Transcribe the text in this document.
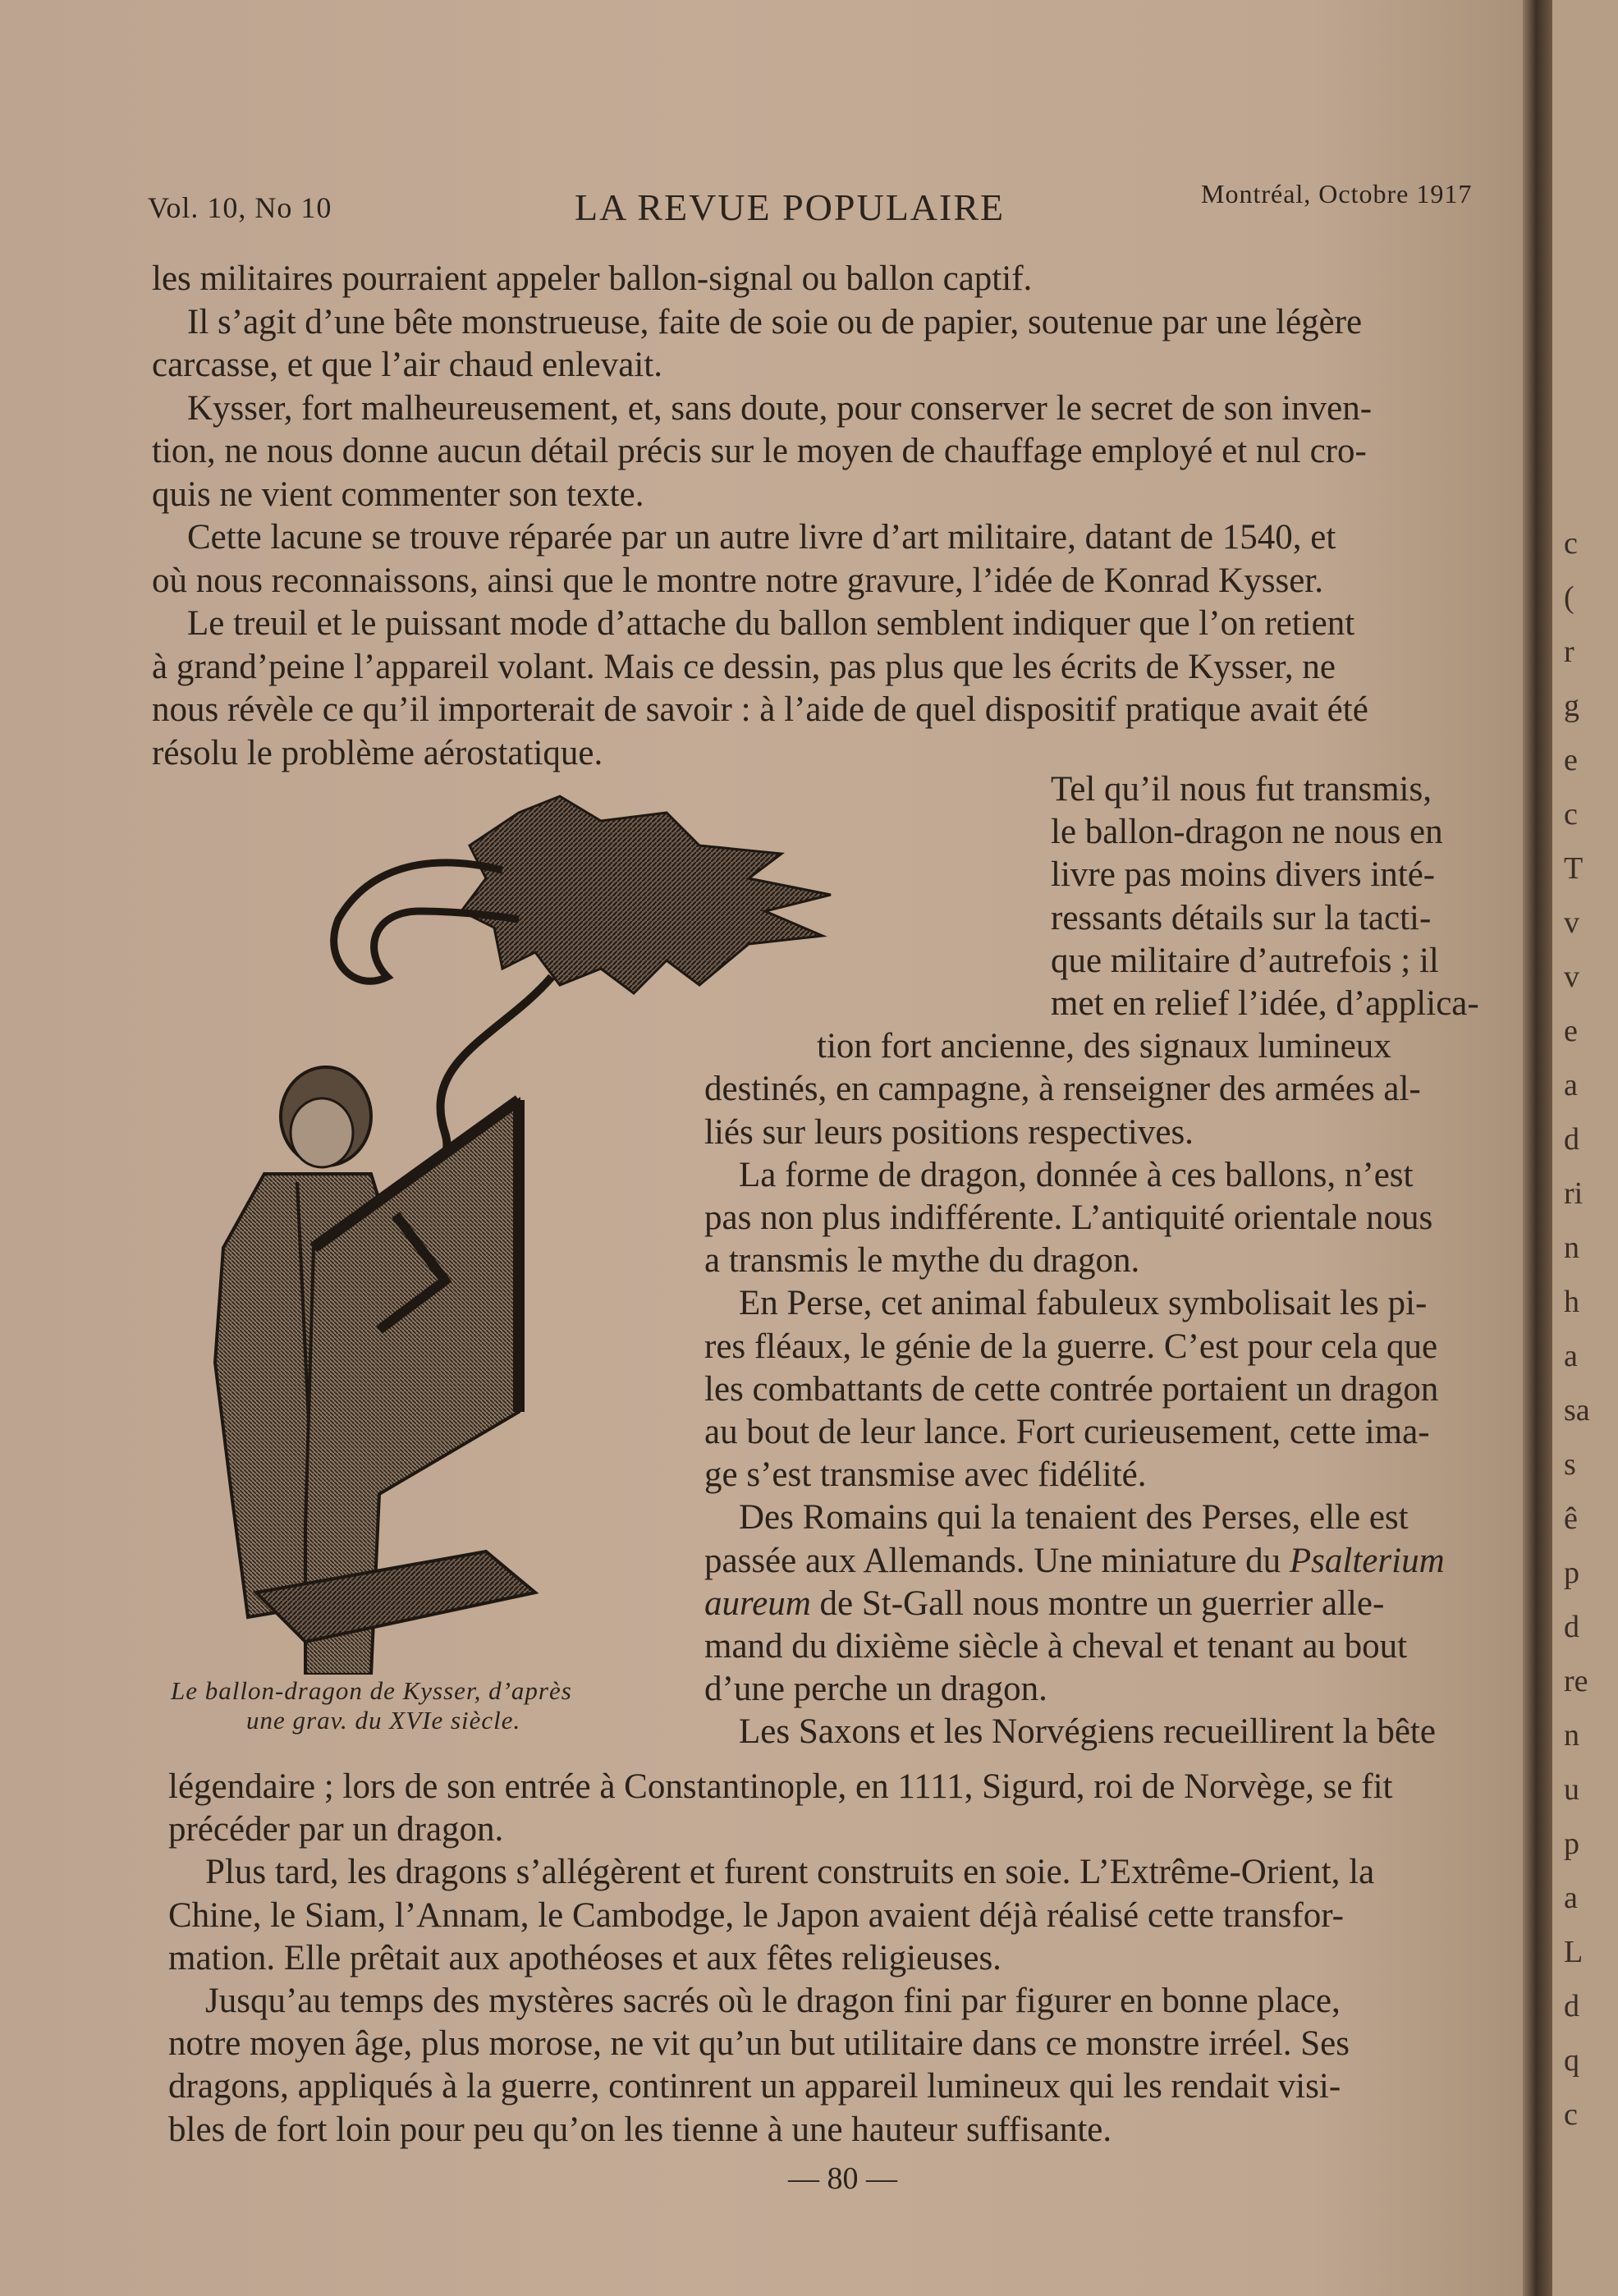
c
(
r
g
e
c
T
v
v
e
a
d
ri
n
h
a
sa
s
ê
p
d
re
n
u
p
a
L
d
q
c
Vol. 10, No 10	LA REVUE POPULAIRE	Montréal, Octobre 1917
les militaires pourraient appeler ballon-signal ou ballon captif.
Il s’agit d’une bête monstrueuse, faite de soie ou de papier, soutenue par une légère
carcasse, et que l’air chaud enlevait.
Kysser, fort malheureusement, et, sans doute, pour conserver le secret de son inven-
tion, ne nous donne aucun détail précis sur le moyen de chauffage employé et nul cro-
quis ne vient commenter son texte.
Cette lacune se trouve réparée par un autre livre d’art militaire, datant de 1540, et
où nous reconnaissons, ainsi que le montre notre gravure, l’idée de Konrad Kysser.
Le treuil et le puissant mode d’attache du ballon semblent indiquer que l’on retient
à grand’peine l’appareil volant. Mais ce dessin, pas plus que les écrits de Kysser, ne
nous révèle ce qu’il importerait de savoir : à l’aide de quel dispositif pratique avait été
résolu le problème aérostatique.
Tel qu’il nous fut transmis,
le ballon-dragon ne nous en
livre pas moins divers inté-
ressants détails sur la tacti-
que militaire d’autrefois ; il
met en relief l’idée, d’applica-
tion fort ancienne, des signaux lumineux
destinés, en campagne, à renseigner des armées al-
liés sur leurs positions respectives.
La forme de dragon, donnée à ces ballons, n’est
pas non plus indifférente. L’antiquité orientale nous
a transmis le mythe du dragon.
En Perse, cet animal fabuleux symbolisait les pi-
res fléaux, le génie de la guerre. C’est pour cela que
les combattants de cette contrée portaient un dragon
au bout de leur lance. Fort curieusement, cette ima-
ge s’est transmise avec fidélité.
Des Romains qui la tenaient des Perses, elle est
passée aux Allemands. Une miniature du Psalterium
aureum de St-Gall nous montre un guerrier alle-
mand du dixième siècle à cheval et tenant au bout
d’une perche un dragon.
Les Saxons et les Norvégiens recueillirent la bête
légendaire ; lors de son entrée à Constantinople, en 1111, Sigurd, roi de Norvège, se fit
précéder par un dragon.
Plus tard, les dragons s’allégèrent et furent construits en soie. L’Extrême-Orient, la
Chine, le Siam, l’Annam, le Cambodge, le Japon avaient déjà réalisé cette transfor-
mation. Elle prêtait aux apothéoses et aux fêtes religieuses.
Jusqu’au temps des mystères sacrés où le dragon fini par figurer en bonne place,
notre moyen âge, plus morose, ne vit qu’un but utilitaire dans ce monstre irréel. Ses
dragons, appliqués à la guerre, continrent un appareil lumineux qui les rendait visi-
bles de fort loin pour peu qu’on les tienne à une hauteur suffisante.
Le ballon-dragon de Kysser, d’après
une grav. du XVIe siècle.
— 80 —
